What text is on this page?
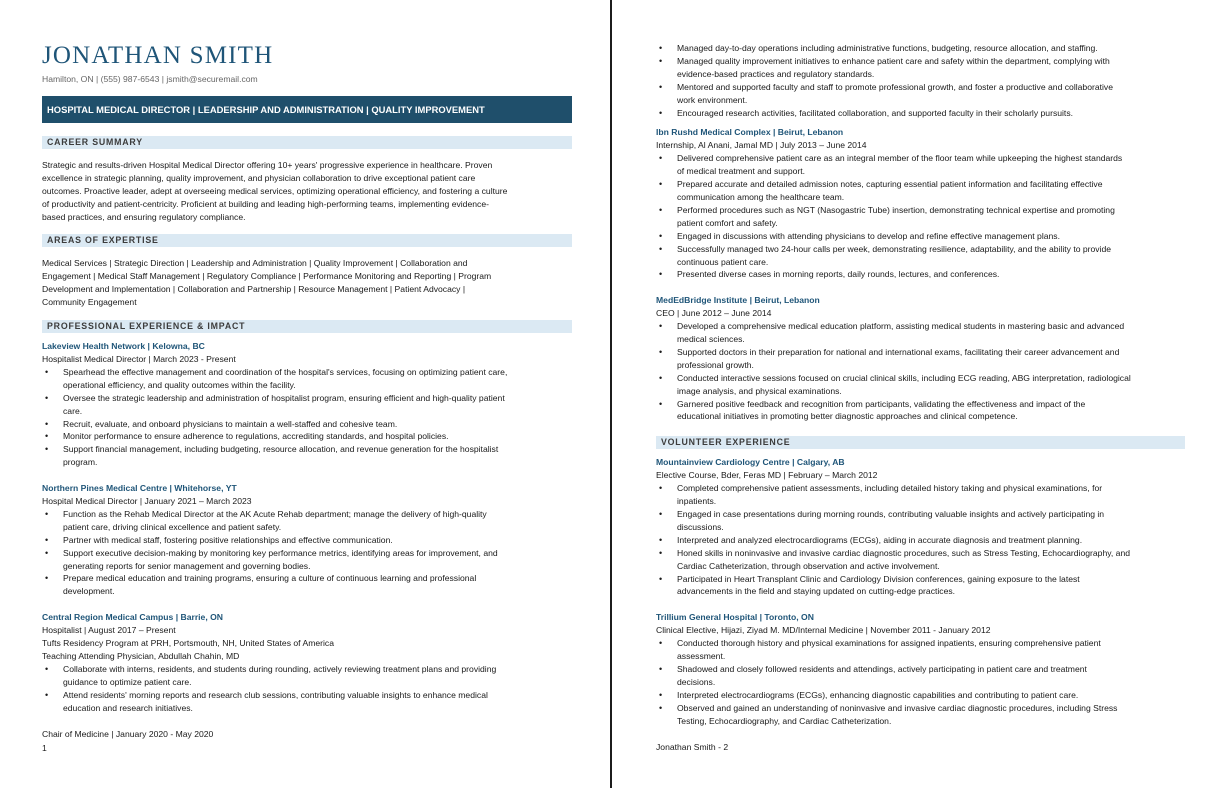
JONATHAN SMITH
Hamilton, ON | (555) 987-6543 | jsmith@securemail.com
HOSPITAL MEDICAL DIRECTOR | LEADERSHIP AND ADMINISTRATION | QUALITY IMPROVEMENT
CAREER SUMMARY
Strategic and results-driven Hospital Medical Director offering 10+ years' progressive experience in healthcare. Proven
excellence in strategic planning, quality improvement, and physician collaboration to drive exceptional patient care
outcomes. Proactive leader, adept at overseeing medical services, optimizing operational efficiency, and fostering a culture
of productivity and patient-centricity. Proficient at building and leading high-performing teams, implementing evidence-
based practices, and ensuring regulatory compliance.
AREAS OF EXPERTISE
Medical Services | Strategic Direction | Leadership and Administration | Quality Improvement | Collaboration and
Engagement | Medical Staff Management | Regulatory Compliance | Performance Monitoring and Reporting | Program
Development and Implementation | Collaboration and Partnership | Resource Management | Patient Advocacy |
Community Engagement
PROFESSIONAL EXPERIENCE & IMPACT
Lakeview Health Network | Kelowna, BC
Hospitalist Medical Director | March 2023 - Present
• Spearhead the effective management and coordination of the hospital's services, focusing on optimizing patient care,
operational efficiency, and quality outcomes within the facility.
• Oversee the strategic leadership and administration of hospitalist program, ensuring efficient and high-quality patient
care.
• Recruit, evaluate, and onboard physicians to maintain a well-staffed and cohesive team.
• Monitor performance to ensure adherence to regulations, accrediting standards, and hospital policies.
• Support financial management, including budgeting, resource allocation, and revenue generation for the hospitalist
program.
Northern Pines Medical Centre | Whitehorse, YT
Hospital Medical Director | January 2021 – March 2023
• Function as the Rehab Medical Director at the AK Acute Rehab department; manage the delivery of high-quality
patient care, driving clinical excellence and patient safety.
• Partner with medical staff, fostering positive relationships and effective communication.
• Support executive decision-making by monitoring key performance metrics, identifying areas for improvement, and
generating reports for senior management and governing bodies.
• Prepare medical education and training programs, ensuring a culture of continuous learning and professional
development.
Central Region Medical Campus | Barrie, ON
Hospitalist | August 2017 – Present
Tufts Residency Program at PRH, Portsmouth, NH, United States of America
Teaching Attending Physician, Abdullah Chahin, MD
• Collaborate with interns, residents, and students during rounding, actively reviewing treatment plans and providing
guidance to optimize patient care.
• Attend residents' morning reports and research club sessions, contributing valuable insights to enhance medical
education and research initiatives.
Chair of Medicine | January 2020 - May 2020
1
• Managed day-to-day operations including administrative functions, budgeting, resource allocation, and staffing.
• Managed quality improvement initiatives to enhance patient care and safety within the department, complying with
evidence-based practices and regulatory standards.
• Mentored and supported faculty and staff to promote professional growth, and foster a productive and collaborative
work environment.
• Encouraged research activities, facilitated collaboration, and supported faculty in their scholarly pursuits.
Ibn Rushd Medical Complex | Beirut, Lebanon
Internship, Al Anani, Jamal MD | July 2013 – June 2014
• Delivered comprehensive patient care as an integral member of the floor team while upkeeping the highest standards
of medical treatment and support.
• Prepared accurate and detailed admission notes, capturing essential patient information and facilitating effective
communication among the healthcare team.
• Performed procedures such as NGT (Nasogastric Tube) insertion, demonstrating technical expertise and promoting
patient comfort and safety.
• Engaged in discussions with attending physicians to develop and refine effective management plans.
• Successfully managed two 24-hour calls per week, demonstrating resilience, adaptability, and the ability to provide
continuous patient care.
• Presented diverse cases in morning reports, daily rounds, lectures, and conferences.
MedEdBridge Institute | Beirut, Lebanon
CEO | June 2012 – June 2014
• Developed a comprehensive medical education platform, assisting medical students in mastering basic and advanced
medical sciences.
• Supported doctors in their preparation for national and international exams, facilitating their career advancement and
professional growth.
• Conducted interactive sessions focused on crucial clinical skills, including ECG reading, ABG interpretation, radiological
image analysis, and physical examinations.
• Garnered positive feedback and recognition from participants, validating the effectiveness and impact of the
educational initiatives in promoting better diagnostic approaches and clinical competence.
VOLUNTEER EXPERIENCE
Mountainview Cardiology Centre | Calgary, AB
Elective Course, Bder, Feras MD | February – March 2012
• Completed comprehensive patient assessments, including detailed history taking and physical examinations, for
inpatients.
• Engaged in case presentations during morning rounds, contributing valuable insights and actively participating in
discussions.
• Interpreted and analyzed electrocardiograms (ECGs), aiding in accurate diagnosis and treatment planning.
• Honed skills in noninvasive and invasive cardiac diagnostic procedures, such as Stress Testing, Echocardiography, and
Cardiac Catheterization, through observation and active involvement.
• Participated in Heart Transplant Clinic and Cardiology Division conferences, gaining exposure to the latest
advancements in the field and staying updated on cutting-edge practices.
Trillium General Hospital | Toronto, ON
Clinical Elective, Hijazi, Ziyad M. MD/Internal Medicine | November 2011 - January 2012
• Conducted thorough history and physical examinations for assigned inpatients, ensuring comprehensive patient
assessment.
• Shadowed and closely followed residents and attendings, actively participating in patient care and treatment
decisions.
• Interpreted electrocardiograms (ECGs), enhancing diagnostic capabilities and contributing to patient care.
• Observed and gained an understanding of noninvasive and invasive cardiac diagnostic procedures, including Stress
Testing, Echocardiography, and Cardiac Catheterization.
Jonathan Smith - 2
